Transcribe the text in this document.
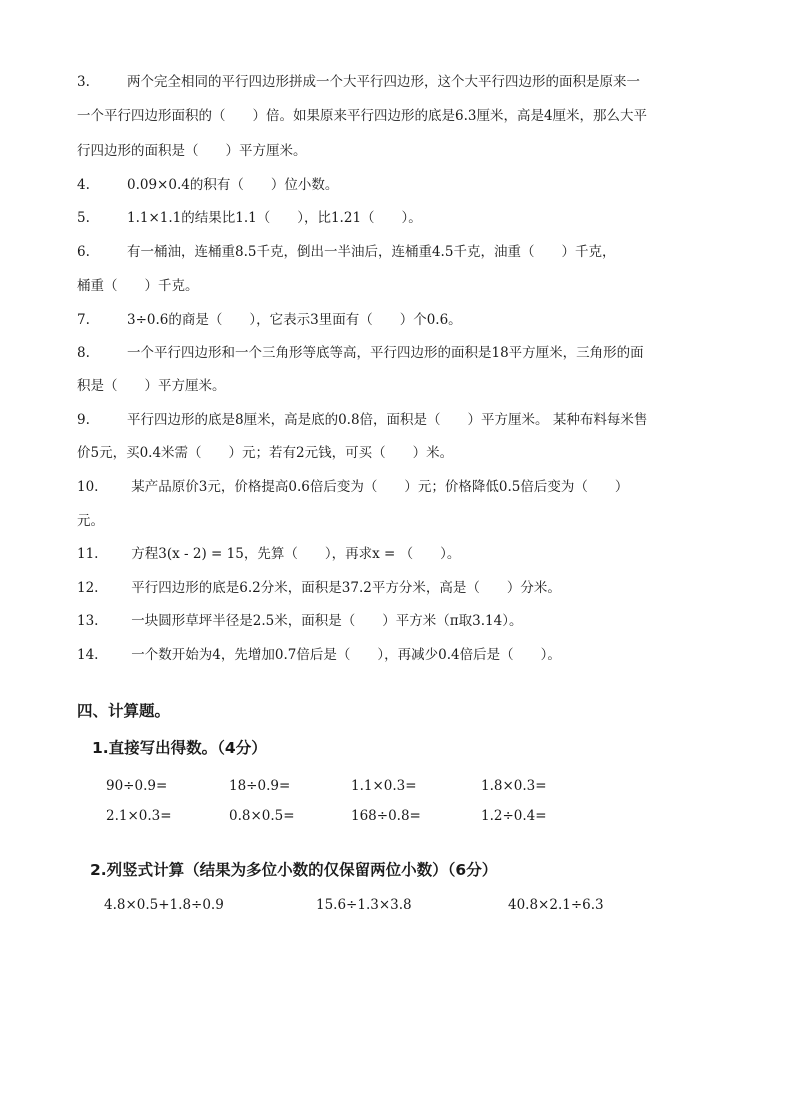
3.	两个完全相同的平行四边形拼成一个大平行四边形，这个大平行四边形的面积是原来一
一个平行四边形面积的（　　）倍。如果原来平行四边形的底是6.3厘米，高是4厘米，那么大平
行四边形的面积是（　　）平方厘米。
4.	0.09×0.4的积有（　　）位小数。
5.	1.1×1.1的结果比1.1（　　），比1.21（　　）。
6.	有一桶油，连桶重8.5千克，倒出一半油后，连桶重4.5千克，油重（　　）千克，
桶重（　　）千克。
7.	3÷0.6的商是（　　），它表示3里面有（　　）个0.6。
8.	一个平行四边形和一个三角形等底等高，平行四边形的面积是18平方厘米，三角形的面
积是（　　）平方厘米。
9.	平行四边形的底是8厘米，高是底的0.8倍，面积是（　　）平方厘米。 某种布料每米售
价5元，买0.4米需（　　）元；若有2元钱，可买（　　）米。
10. 某产品原价3元，价格提高0.6倍后变为（　　）元；价格降低0.5倍后变为（　　）
元。
11. 方程3(x - 2) = 15，先算（　　），再求x = （　　）。
12. 平行四边形的底是6.2分米，面积是37.2平方分米，高是（　　）分米。
13. 一块圆形草坪半径是2.5米，面积是（　　）平方米（π取3.14）。
14. 一个数开始为4，先增加0.7倍后是（　　），再减少0.4倍后是（　　）。
四、计算题。
1.直接写出得数。（4分）
90÷0.9=	18÷0.9=	1.1×0.3=	1.8×0.3=
2.1×0.3=	0.8×0.5=	168÷0.8=	1.2÷0.4=
2.列竖式计算（结果为多位小数的仅保留两位小数）（6分）
4.8×0.5+1.8÷0.9	15.6÷1.3×3.8	40.8×2.1÷6.3
